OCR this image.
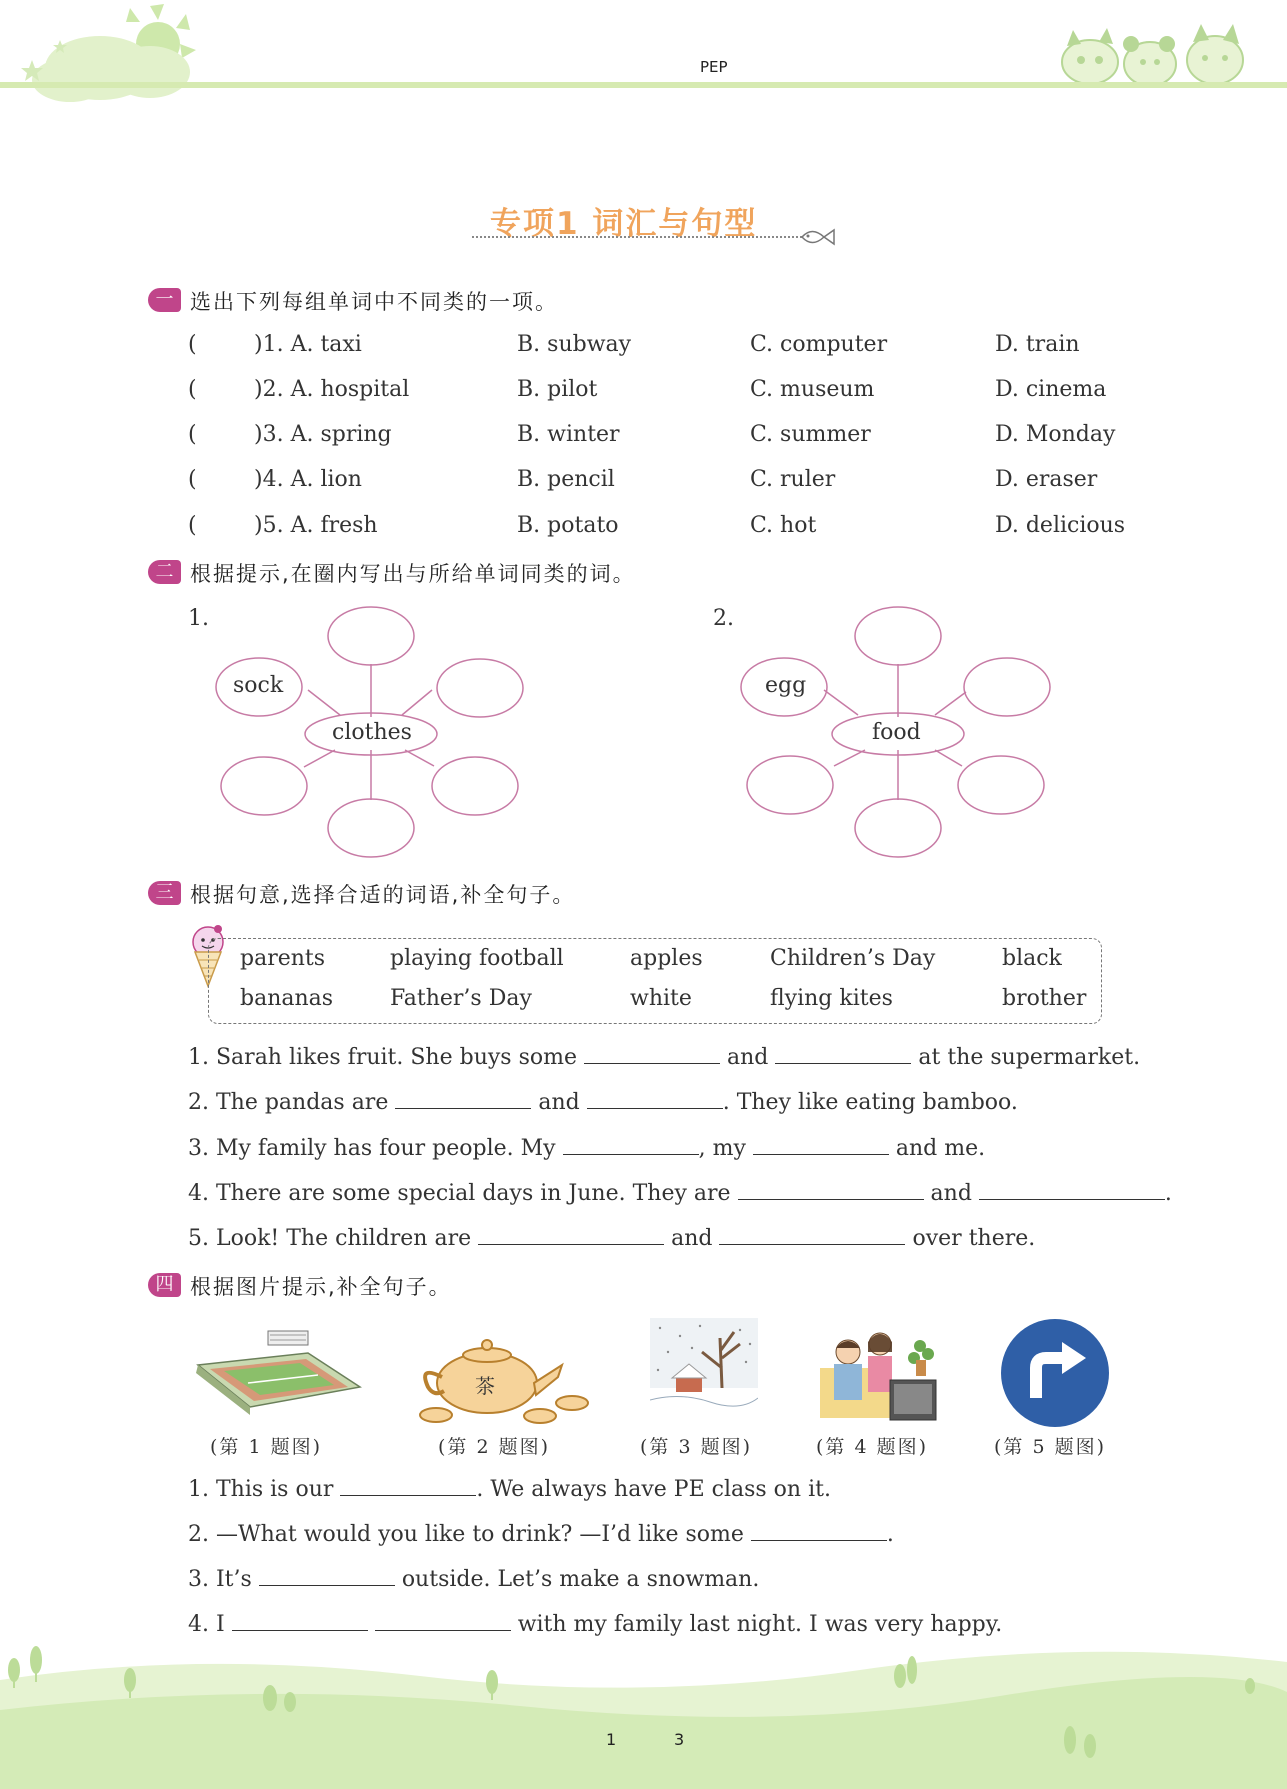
PEP
专项1 词汇与句型
一 选出下列每组单词中不同类的一项。
(	)1. A. taxi	B. subway	C. computer	D. train
(	)2. A. hospital	B. pilot	C. museum	D. cinema
(	)3. A. spring	B. winter	C. summer	D. Monday
(	)4. A. lion	B. pencil	C. ruler	D. eraser
(	)5. A. fresh	B. potato	C. hot	D. delicious
二 根据提示,在圈内写出与所给单词同类的词。
1.	2.
sock
clothes
egg
food
三 根据句意,选择合适的词语,补全句子。
parents	playing football	apples	Children’s Day	black
bananas	Father’s Day	white	flying kites	brother
1. Sarah likes fruit. She buys some	and	at the supermarket.
2. The pandas are	and	. They like eating bamboo.
3. My family has four people. My	, my	and me.
4. There are some special days in June. They are	and	.
5. Look! The children are	and	over there.
四 根据图片提示,补全句子。
茶
(第 1 题图)	(第 2 题图)	(第 3 题图)	(第 4 题图)	(第 5 题图)
1. This is our	. We always have PE class on it.
2. —What would you like to drink? —I’d like some	.
3. It’s	outside. Let’s make a snowman.
4. I	with my family last night. I was very happy.
1	3
